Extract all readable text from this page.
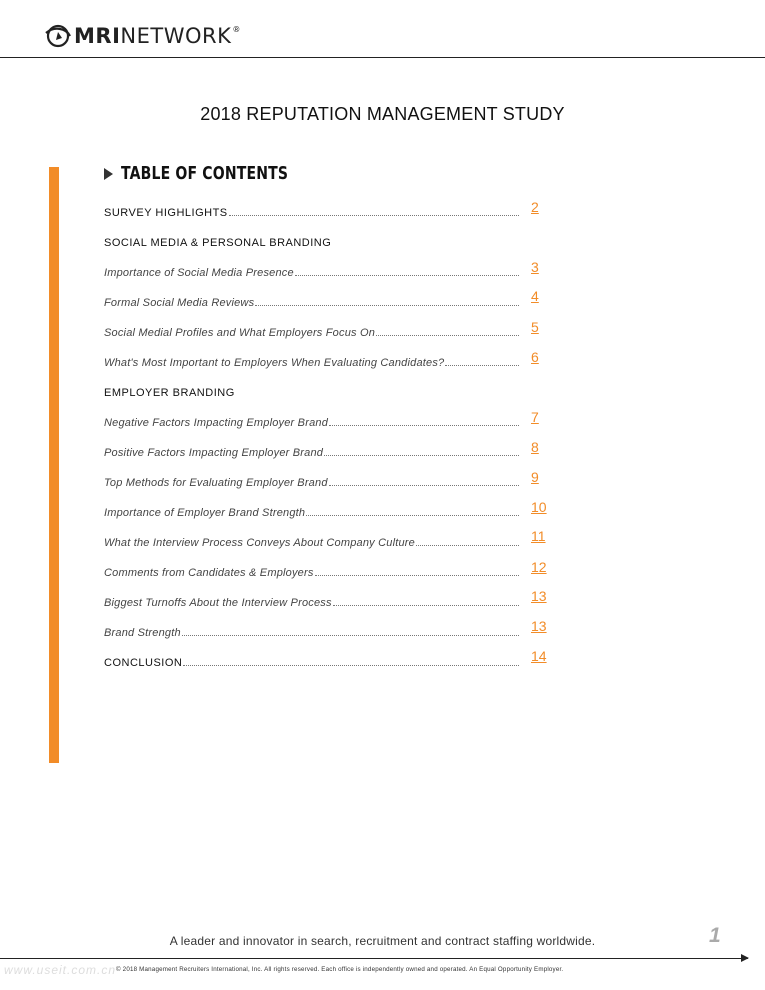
MRINETWORK®
2018 REPUTATION MANAGEMENT STUDY
TABLE OF CONTENTS
SURVEY HIGHLIGHTS	2
SOCIAL MEDIA & PERSONAL BRANDING
Importance of Social Media Presence	3
Formal Social Media Reviews	4
Social Medial Profiles and What Employers Focus On	5
What's Most Important to Employers When Evaluating Candidates?	6
EMPLOYER BRANDING
Negative Factors Impacting Employer Brand	7
Positive Factors Impacting Employer Brand	8
Top Methods for Evaluating Employer Brand	9
Importance of Employer Brand Strength	10
What the Interview Process Conveys About Company Culture	11
Comments from Candidates & Employers	12
Biggest Turnoffs About the Interview Process	13
Brand Strength	13
CONCLUSION	14
A leader and innovator in search, recruitment and contract staffing worldwide.	1
www.useit.com.cn © 2018 Management Recruiters International, Inc. All rights reserved. Each office is independently owned and operated. An Equal Opportunity Employer.
